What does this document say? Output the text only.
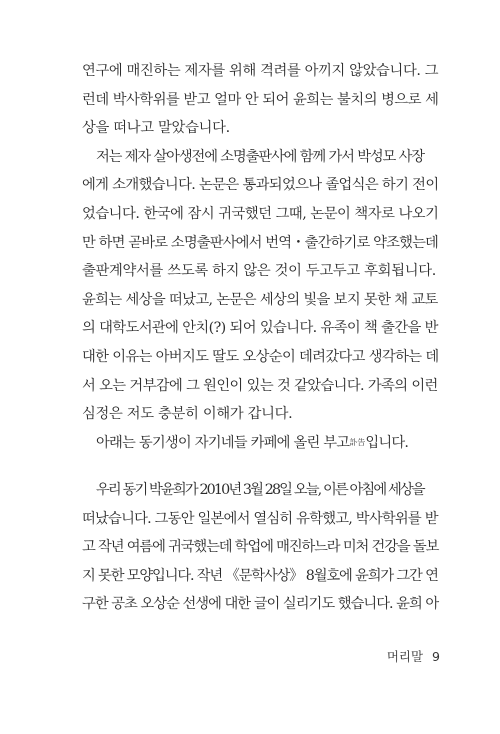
연구에 매진하는 제자를 위해 격려를 아끼지 않았습니다. 그
런데 박사학위를 받고 얼마 안 되어 윤희는 불치의 병으로 세
상을 떠나고 말았습니다.

저는 제자 살아생전에 소명출판사에 함께 가서 박성모 사장
에게 소개했습니다. 논문은 통과되었으나 졸업식은 하기 전이
었습니다. 한국에 잠시 귀국했던 그때, 논문이 책자로 나오기
만 하면 곧바로 소명출판사에서 번역・출간하기로 약조했는데
출판계약서를 쓰도록 하지 않은 것이 두고두고 후회됩니다.
윤희는 세상을 떠났고, 논문은 세상의 빛을 보지 못한 채 교토
의 대학도서관에 안치(?) 되어 있습니다. 유족이 책 출간을 반
대한 이유는 아버지도 딸도 오상순이 데려갔다고 생각하는 데
서 오는 거부감에 그 원인이 있는 것 같았습니다. 가족의 이런
심정은 저도 충분히 이해가 갑니다.

아래는 동기생이 자기네들 카페에 올린 부고訃告입니다.

우리 동기 박윤희가 2010년 3월 28일 오늘, 이른 아침에 세상을
떠났습니다. 그동안 일본에서 열심히 유학했고, 박사학위를 받
고 작년 여름에 귀국했는데 학업에 매진하느라 미처 건강을 돌보
지 못한 모양입니다. 작년 《문학사상》 8월호에 윤희가 그간 연
구한 공초 오상순 선생에 대한 글이 실리기도 했습니다. 윤희 아

머리말 9
